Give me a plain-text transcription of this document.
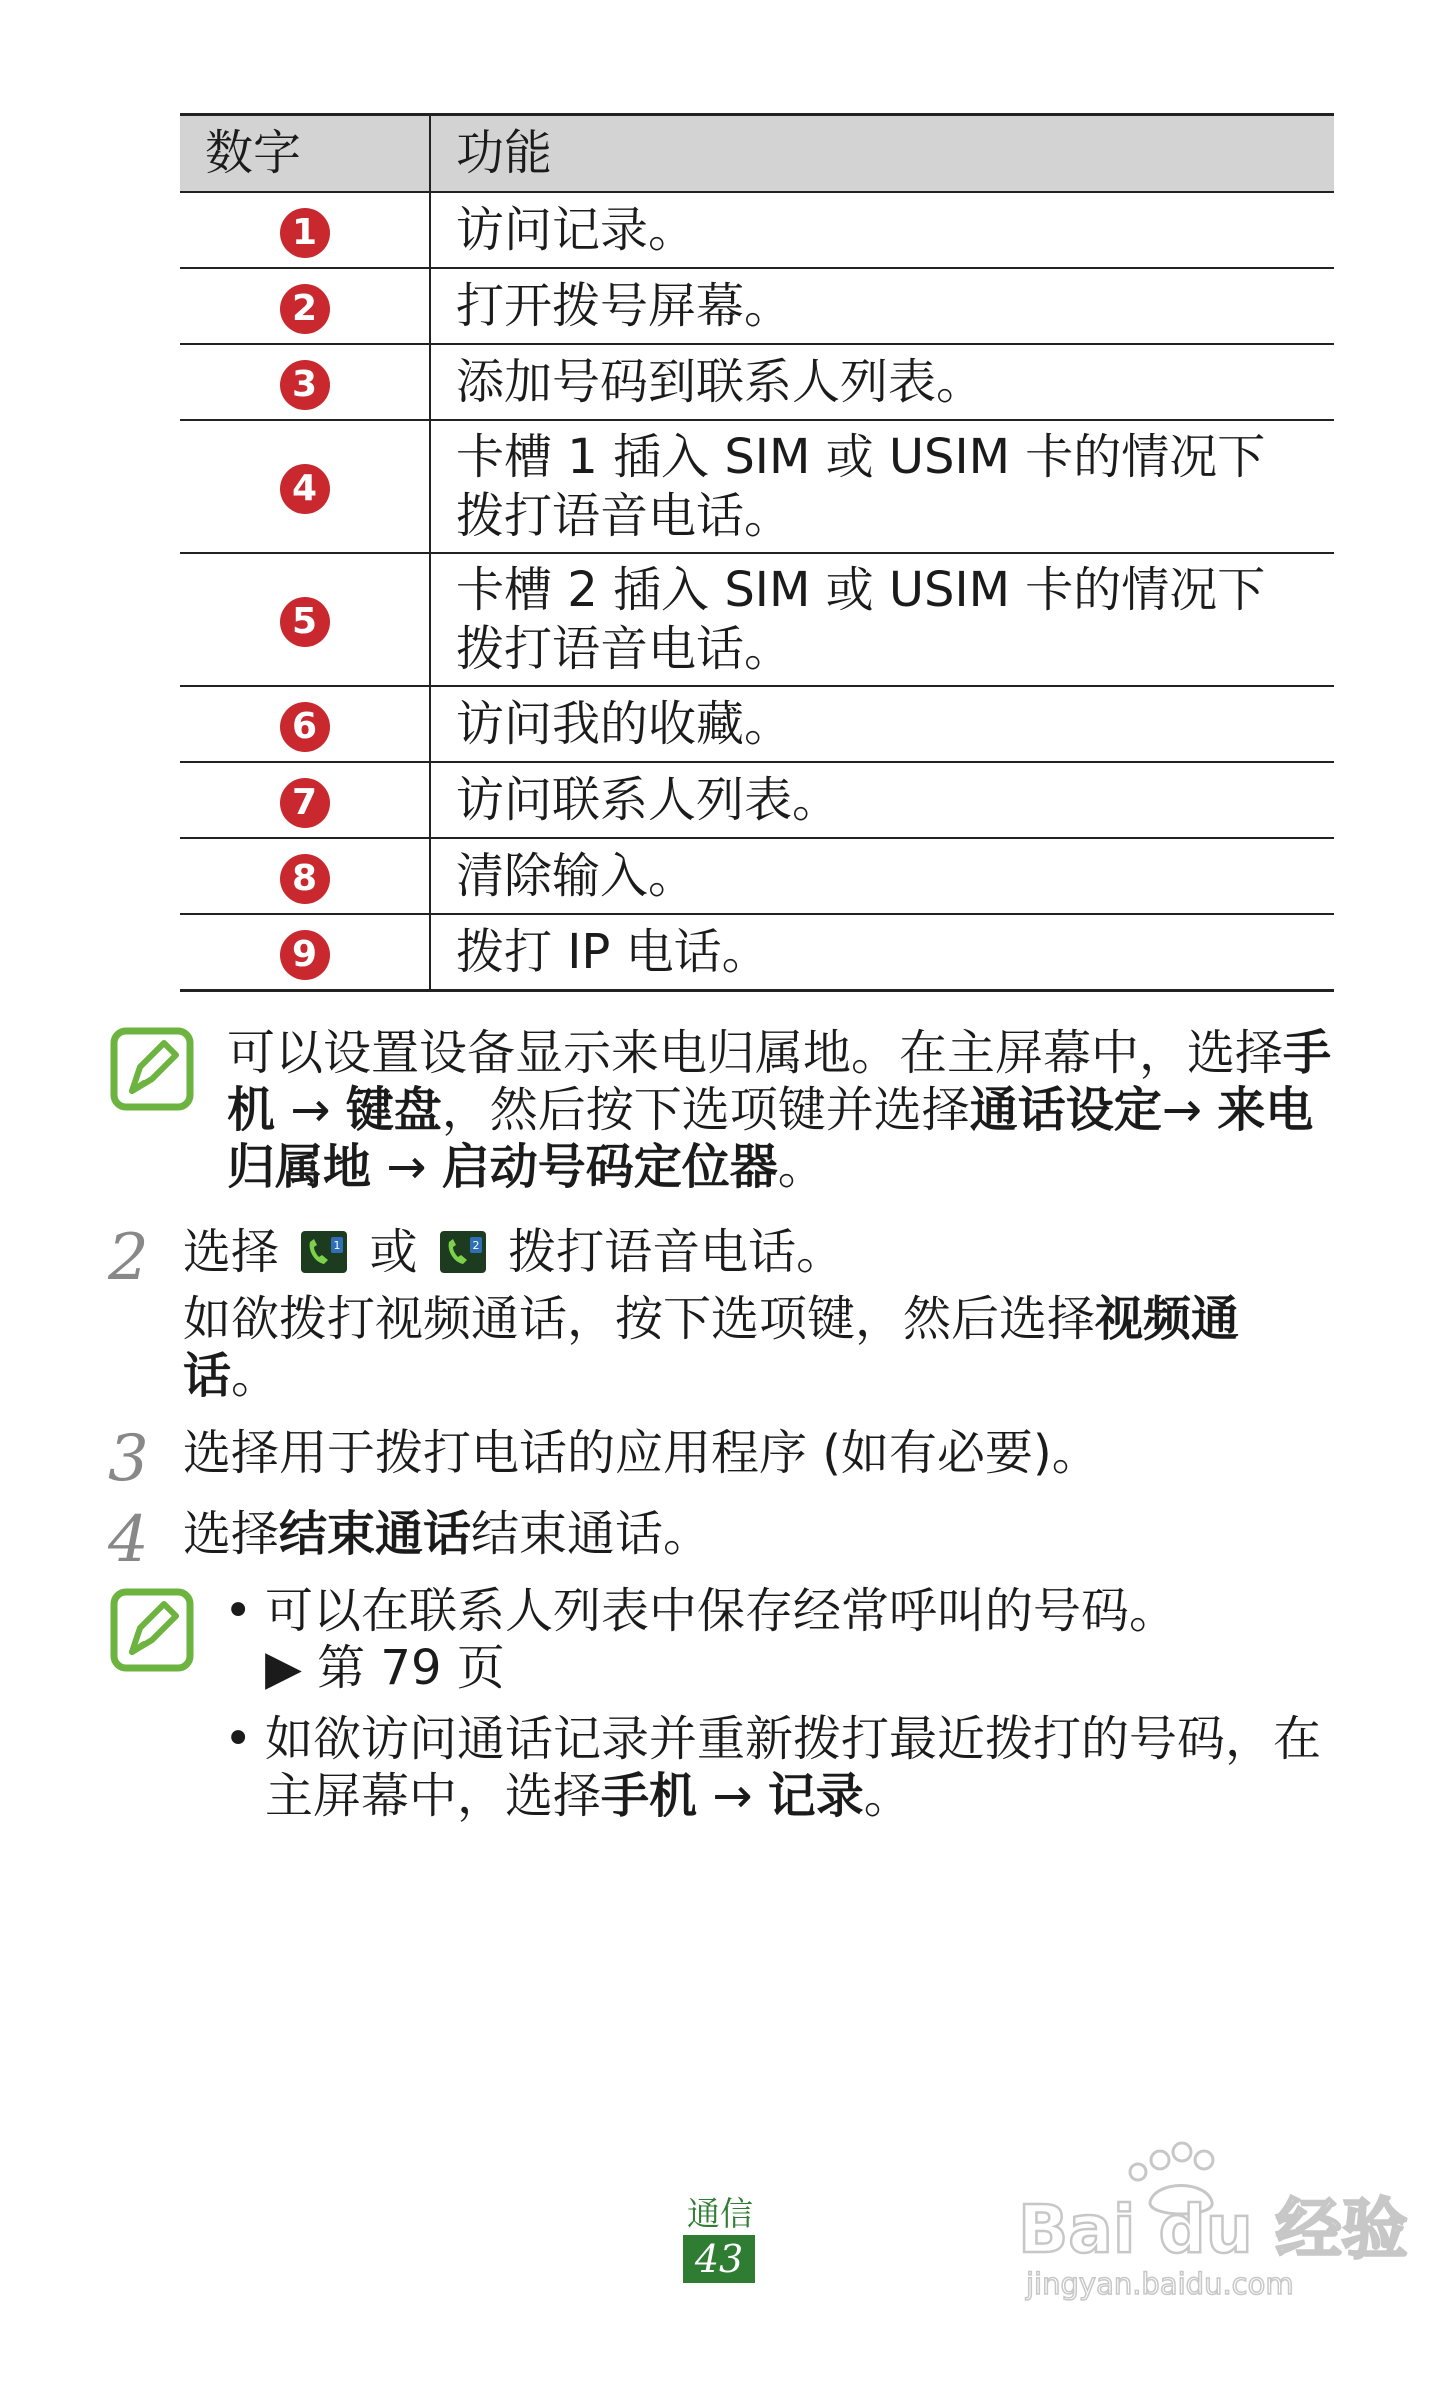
数字	功能
1	访问记录。
2	打开拨号屏幕。
3	添加号码到联系人列表。
4	卡槽 1 插入 SIM 或 USIM 卡的情况下
拨打语音电话。
5	卡槽 2 插入 SIM 或 USIM 卡的情况下
拨打语音电话。
6	访问我的收藏。
7	访问联系人列表。
8	清除输入。
9	拨打 IP 电话。

可以设置设备显示来电归属地。在主屏幕中，选择手机 → 键盘，然后按下选项键并选择通话设定→ 来电归属地 → 启动号码定位器。

2 选择	1 或	2 拨打语音电话。

如欲拨打视频通话，按下选项键，然后选择视频通话。

3 选择用于拨打电话的应用程序 (如有必要)。

4 选择结束通话结束通话。

• 可以在联系人列表中保存经常呼叫的号码。
▶ 第 79 页
• 如欲访问通话记录并重新拨打最近拨打的号码，在主屏幕中，选择手机 → 记录。
通信
43	Bai du 经验
jingyan.baidu.com
